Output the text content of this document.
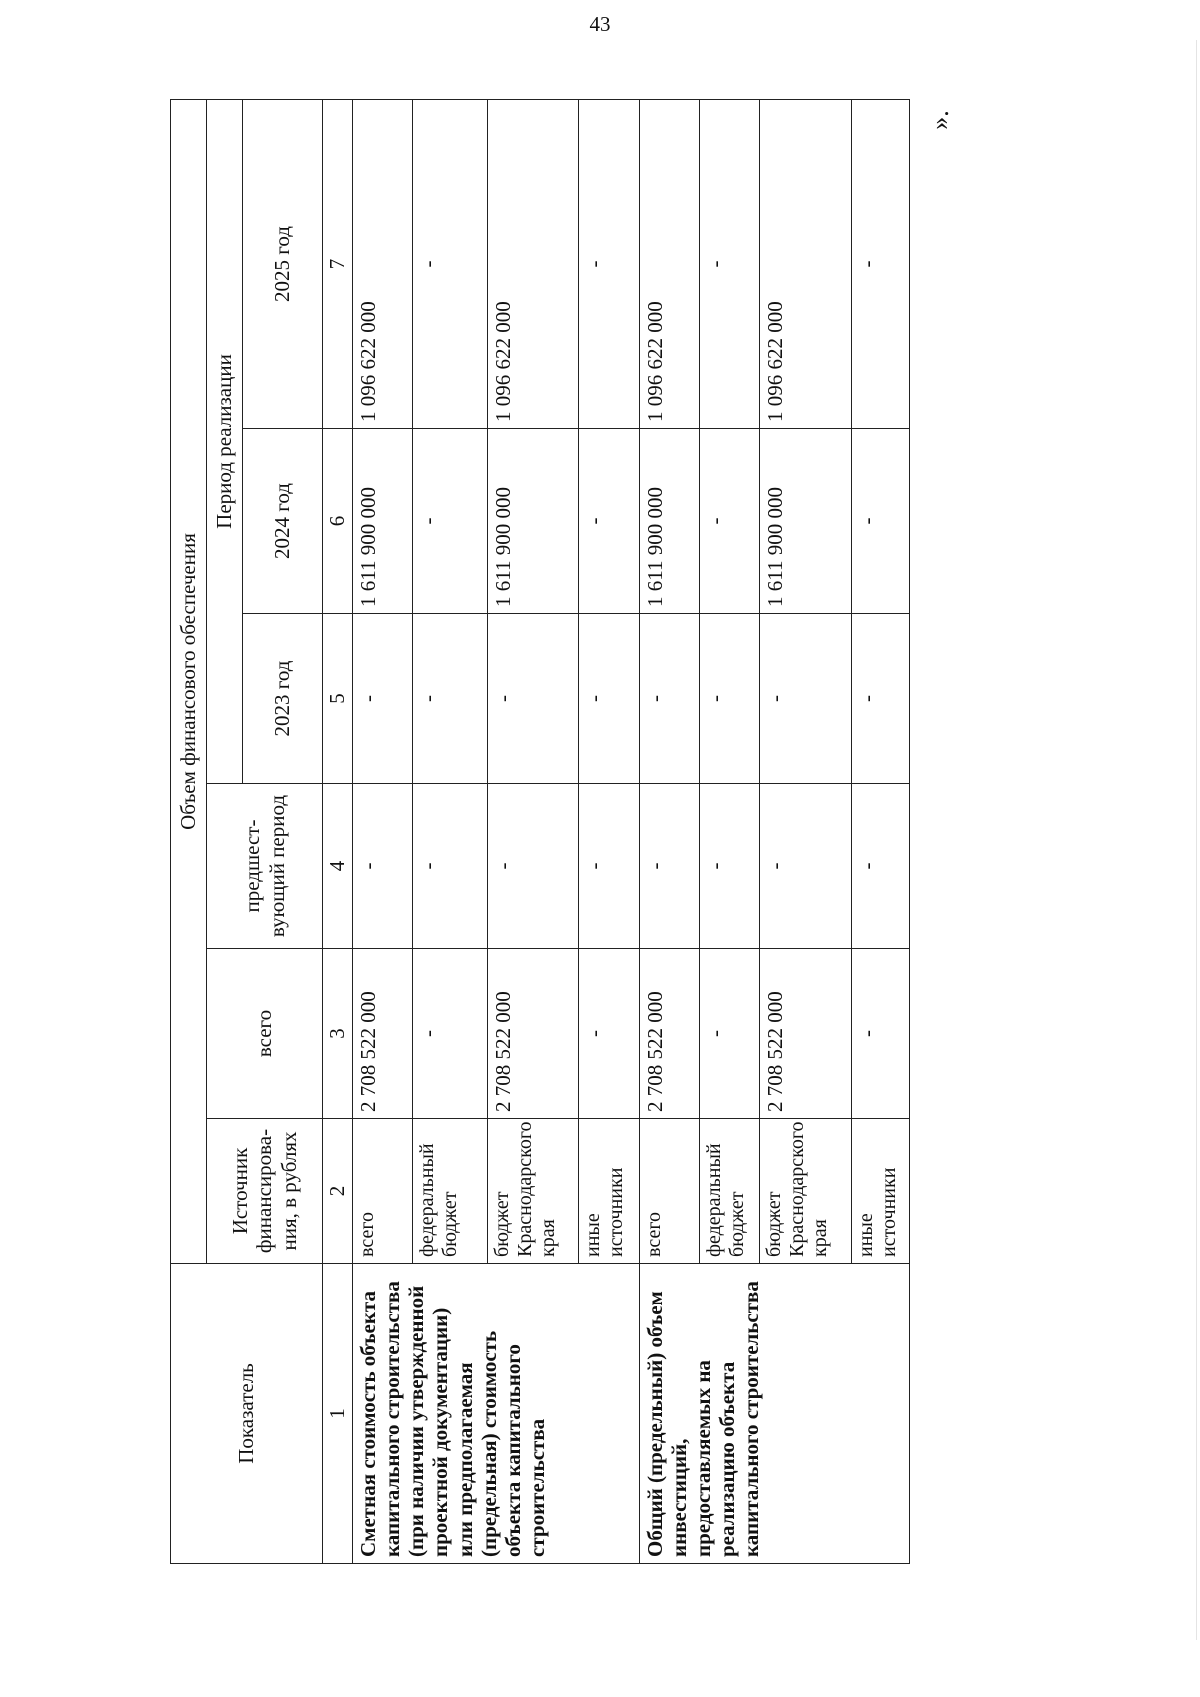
43
Показатель	Объем финансового обеспечения					
	Источник финансирова-ния, в рублях	всего	предшест-вующий период	Период реализации		
				2023 год	2024 год	2025 год
1	2	3	4	5	6	7
Сметная стоимость объекта капитального строительства (при наличии утвержденной проектной документации) или предполагаемая (предельная) стоимость объекта капитального строительства	всего	2 708 522 000	-	-	1 611 900 000	1 096 622 000
	федеральный бюджет	-	-	-	-	-
	бюджет Краснодарского края	2 708 522 000	-	-	1 611 900 000	1 096 622 000
	иные источники	-	-	-	-	-
Общий (предельный) объем инвестиций, предоставляемых на реализацию объекта капитального строительства	всего	2 708 522 000	-	-	1 611 900 000	1 096 622 000
	федеральный бюджет	-	-	-	-	-
	бюджет Краснодарского края	2 708 522 000	-	-	1 611 900 000	1 096 622 000
	иные источники	-	-	-	-	-
».
